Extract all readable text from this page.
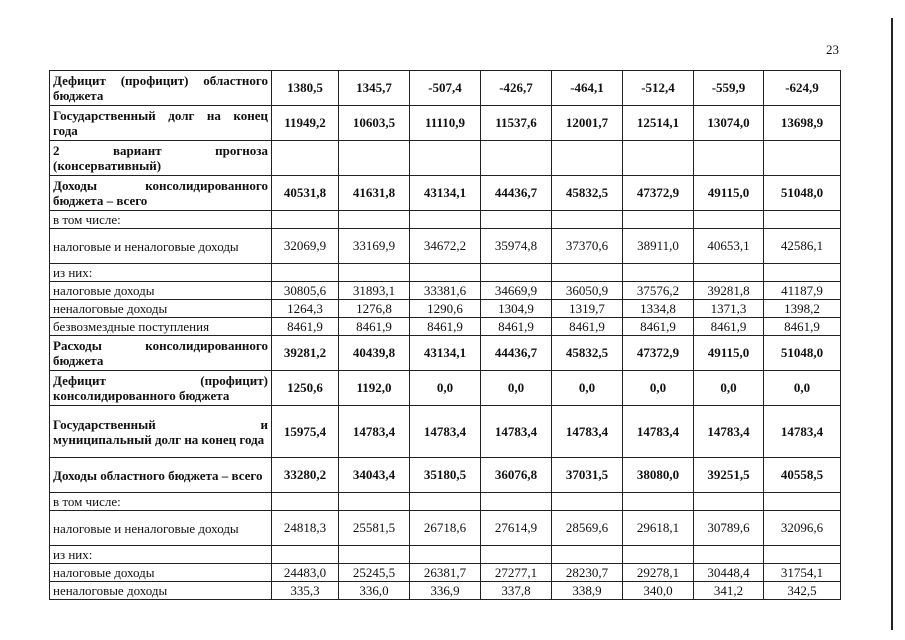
23
Дефицит (профицит) областного бюджета	1380,5	1345,7	-507,4	-426,7	-464,1	-512,4	-559,9	-624,9
Государственный долг на конец года	11949,2	10603,5	11110,9	11537,6	12001,7	12514,1	13074,0	13698,9
2 вариант прогноза (консервативный)								
Доходы консолидированного бюджета – всего	40531,8	41631,8	43134,1	44436,7	45832,5	47372,9	49115,0	51048,0
в том числе:								
налоговые и неналоговые доходы	32069,9	33169,9	34672,2	35974,8	37370,6	38911,0	40653,1	42586,1
из них:								
налоговые доходы	30805,6	31893,1	33381,6	34669,9	36050,9	37576,2	39281,8	41187,9
неналоговые доходы	1264,3	1276,8	1290,6	1304,9	1319,7	1334,8	1371,3	1398,2
безвозмездные поступления	8461,9	8461,9	8461,9	8461,9	8461,9	8461,9	8461,9	8461,9
Расходы консолидированного бюджета	39281,2	40439,8	43134,1	44436,7	45832,5	47372,9	49115,0	51048,0
Дефицит (профицит) консолидированного бюджета	1250,6	1192,0	0,0	0,0	0,0	0,0	0,0	0,0
Государственный и муниципальный долг на конец года	15975,4	14783,4	14783,4	14783,4	14783,4	14783,4	14783,4	14783,4
Доходы областного бюджета – всего	33280,2	34043,4	35180,5	36076,8	37031,5	38080,0	39251,5	40558,5
в том числе:								
налоговые и неналоговые доходы	24818,3	25581,5	26718,6	27614,9	28569,6	29618,1	30789,6	32096,6
из них:								
налоговые доходы	24483,0	25245,5	26381,7	27277,1	28230,7	29278,1	30448,4	31754,1
неналоговые доходы	335,3	336,0	336,9	337,8	338,9	340,0	341,2	342,5
